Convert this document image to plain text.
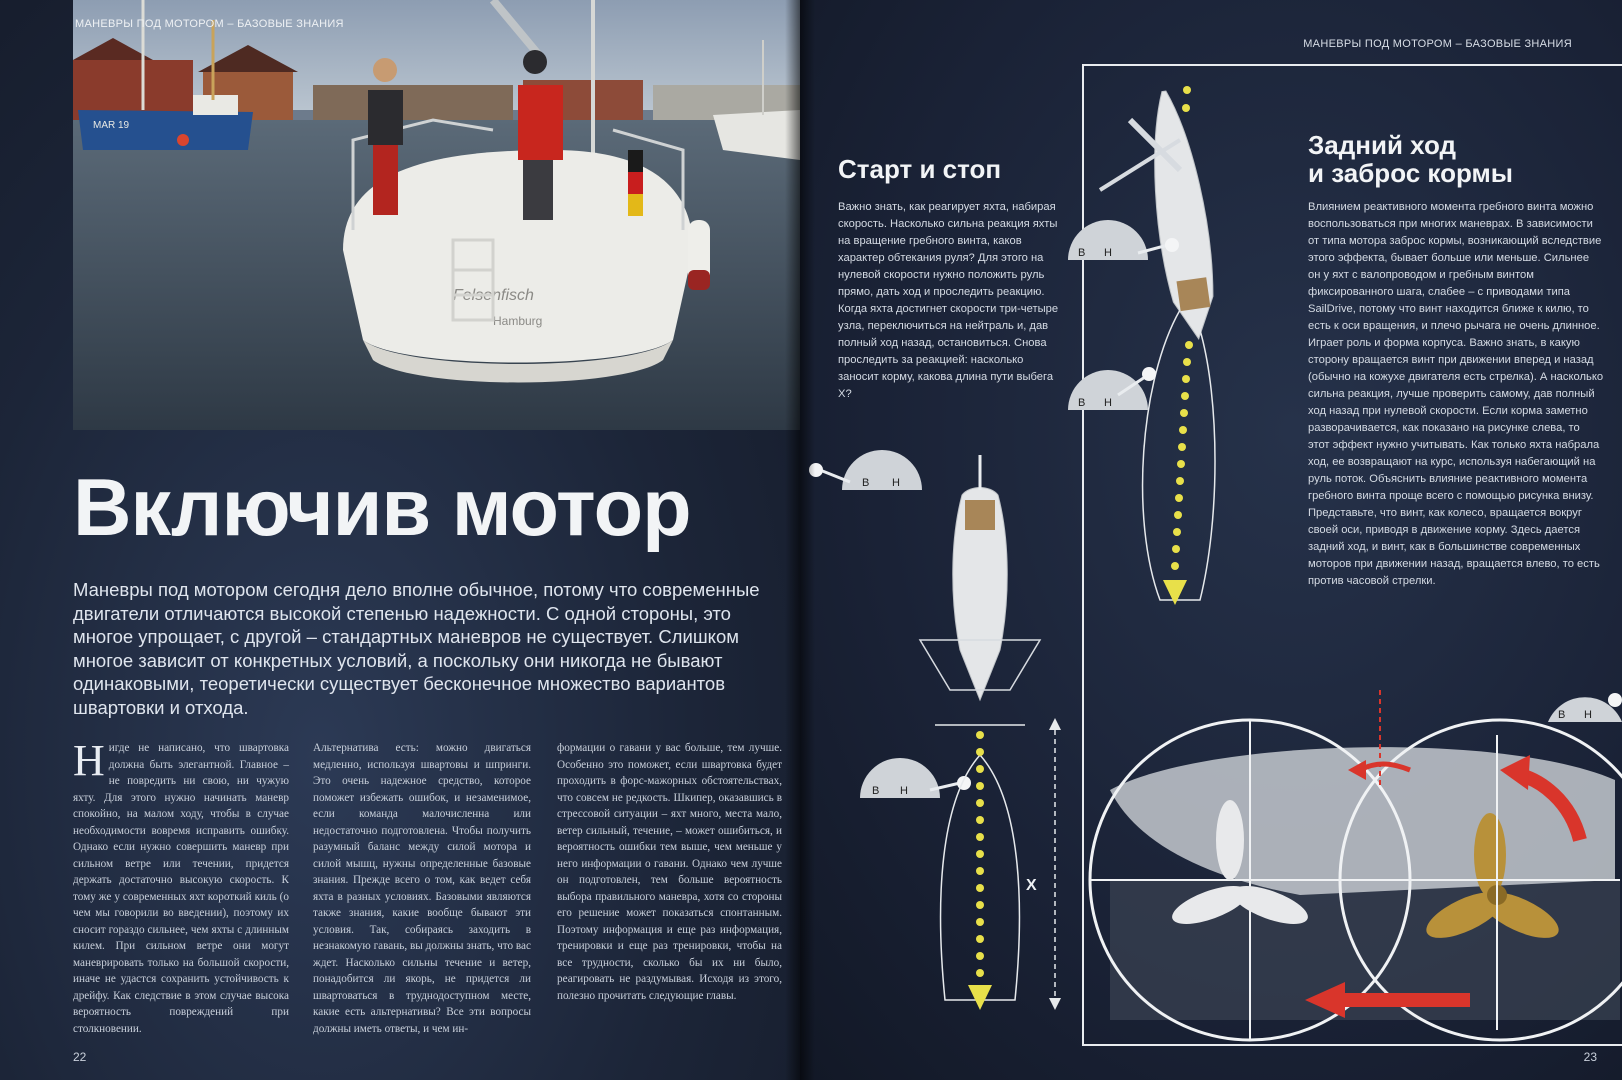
MAR 19
Felsenfisch
Hamburg
МАНЕВРЫ ПОД МОТОРОМ – БАЗОВЫЕ ЗНАНИЯ
Включив мотор
Маневры под мотором сегодня дело вполне обычное, потому что современные двигатели отличаются высокой степенью надежности. С одной стороны, это многое упрощает, с другой – стандартных маневров не существует. Слишком многое зависит от конкретных условий, а поскольку они никогда не бывают одинаковыми, теоретически существует бесконечное множество вариантов швартовки и отхода.
Нигде не написано, что швартовка должна быть элегантной. Главное – не повредить ни свою, ни чужую яхту. Для этого нужно начинать маневр спокойно, на малом ходу, чтобы в случае необходимости вовремя исправить ошибку. Однако если нужно совершить маневр при сильном ветре или течении, придется держать достаточно высокую скорость. К тому же у современных яхт короткий киль (о чем мы говорили во введении), поэтому их сносит гораздо сильнее, чем яхты с длинным килем. При сильном ветре они могут маневрировать только на большой скорости, иначе не удастся сохранить устойчивость к дрейфу. Как следствие в этом случае высока вероятность повреждений при столкновении.
Альтернатива есть: можно двигаться медленно, используя швартовы и шпринги. Это очень надежное средство, которое поможет избежать ошибок, и незаменимое, если команда малочисленна или недостаточно подготовлена. Чтобы получить разумный баланс между силой мотора и силой мышц, нужны определенные базовые знания. Прежде всего о том, как ведет себя яхта в разных условиях. Базовыми являются также знания, какие вообще бывают эти условия. Так, собираясь заходить в незнакомую гавань, вы должны знать, что вас ждет. Насколько сильны течение и ветер, понадобится ли якорь, не придется ли швартоваться в труднодоступном месте, какие есть альтернативы? Все эти вопросы должны иметь ответы, и чем ин-
формации о гавани у вас больше, тем лучше. Особенно это поможет, если швартовка будет проходить в форс-мажорных обстоятельствах, что совсем не редкость. Шкипер, оказавшись в стрессовой ситуации – яхт много, места мало, ветер сильный, течение, – может ошибиться, и вероятность ошибки тем выше, чем меньше у него информации о гавани. Однако чем лучше он подготовлен, тем больше вероятность выбора правильного маневра, хотя со стороны его решение может показаться спонтанным. Поэтому информация и еще раз информация, тренировки и еще раз тренировки, чтобы на все трудности, сколько бы их ни было, реагировать не раздумывая. Исходя из этого, полезно прочитать следующие главы.
22
МАНЕВРЫ ПОД МОТОРОМ – БАЗОВЫЕ ЗНАНИЯ
Старт и стоп
Важно знать, как реагирует яхта, набирая скорость. Насколько сильна реакция яхты на вращение гребного винта, каков характер обтекания руля? Для этого на нулевой скорости нужно положить руль прямо, дать ход и проследить реакцию. Когда яхта достигнет скорости три-четыре узла, переключиться на нейтраль и, дав полный ход назад, остановиться. Снова проследить за реакцией: насколько заносит корму, какова длина пути выбега X?
Задний ход
и заброс кормы
Влиянием реактивного момента гребного винта можно воспользоваться при многих маневрах. В зависимости от типа мотора заброс кормы, возникающий вследствие этого эффекта, бывает больше или меньше. Сильнее он у яхт с валопроводом и гребным винтом фиксированного шага, слабее – с приводами типа SailDrive, потому что винт находится ближе к килю, то есть к оси вращения, и плечо рычага не очень длинное. Играет роль и форма корпуса. Важно знать, в какую сторону вращается винт при движении вперед и назад (обычно на кожухе двигателя есть стрелка). А насколько сильна реакция, лучше проверить самому, дав полный ход назад при нулевой скорости. Если корма заметно разворачивается, как показано на рисунке слева, то этот эффект нужно учитывать. Как только яхта набрала ход, ее возвращают на курс, используя набегающий на руль поток. Объяснить влияние реактивного момента гребного винта проще всего с помощью рисунка внизу. Представьте, что винт, как колесо, вращается вокруг своей оси, приводя в движение корму. Здесь дается задний ход, и винт, как в большинстве современных моторов при движении назад, вращается влево, то есть против часовой стрелки.
23
В Н
В Н
X
В Н
В Н
В Н
